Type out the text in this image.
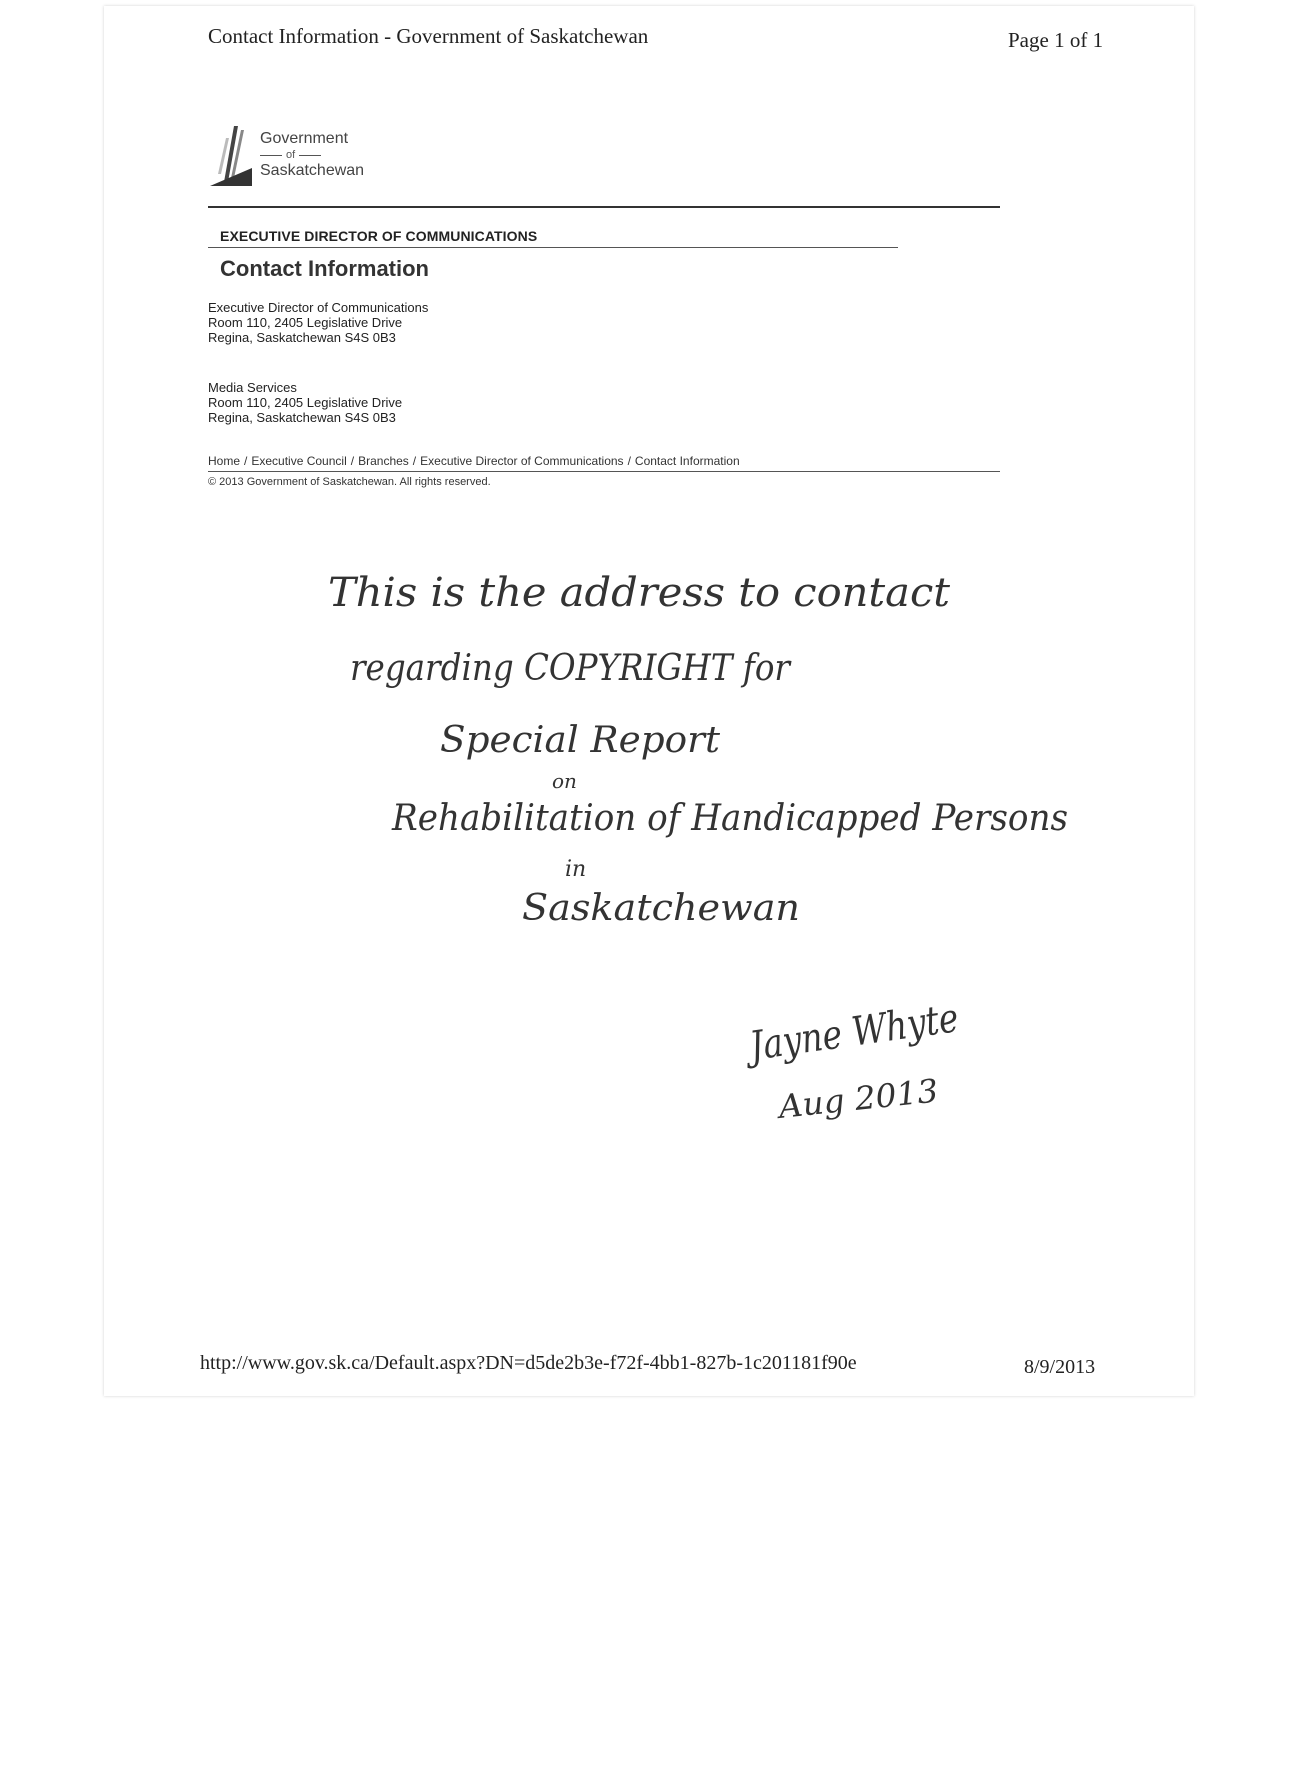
Contact Information - Government of Saskatchewan	Page 1 of 1
Government
of
Saskatchewan
EXECUTIVE DIRECTOR OF COMMUNICATIONS
Contact Information
Executive Director of Communications
Room 110, 2405 Legislative Drive
Regina, Saskatchewan S4S 0B3
Media Services
Room 110, 2405 Legislative Drive
Regina, Saskatchewan S4S 0B3
Home / Executive Council / Branches / Executive Director of Communications / Contact Information
© 2013 Government of Saskatchewan. All rights reserved.
This is the address to contact
regarding COPYRIGHT for
Special Report
on
Rehabilitation of Handicapped Persons
in
Saskatchewan
Jayne Whyte
Aug 2013
http://www.gov.sk.ca/Default.aspx?DN=d5de2b3e-f72f-4bb1-827b-1c201181f90e	8/9/2013
